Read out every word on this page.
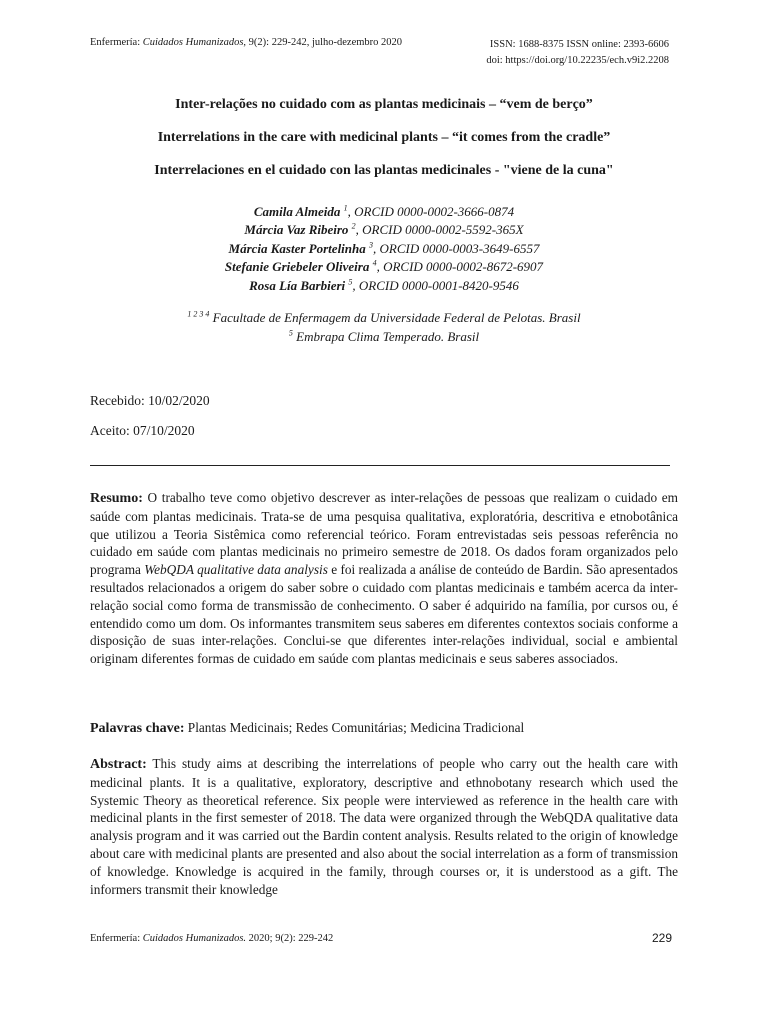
Enfermería: Cuidados Humanizados, 9(2): 229-242, julho-dezembro 2020	ISSN: 1688-8375 ISSN online: 2393-6606
doi: https://doi.org/10.22235/ech.v9i2.2208
Inter-relações no cuidado com as plantas medicinais – “vem de berço”
Interrelations in the care with medicinal plants – “it comes from the cradle”
Interrelaciones en el cuidado con las plantas medicinales - "viene de la cuna"
Camila Almeida $^1$, ORCID 0000-0002-3666-0874
Márcia Vaz Ribeiro $^2$, ORCID 0000-0002-5592-365X
Márcia Kaster Portelinha $^3$, ORCID 0000-0003-3649-6557
Stefanie Griebeler Oliveira $^4$, ORCID 0000-0002-8672-6907
Rosa Lía Barbieri $^5$, ORCID 0000-0001-8420-9546
$^{1 2 3 4}$ Facultade de Enfermagem da Universidade Federal de Pelotas. Brasil
$^5$ Embrapa Clima Temperado. Brasil
Recebido: 10/02/2020
Aceito: 07/10/2020
Resumo: O trabalho teve como objetivo descrever as inter-relações de pessoas que realizam o cuidado em saúde com plantas medicinais. Trata-se de uma pesquisa qualitativa, exploratória, descritiva e etnobotânica que utilizou a Teoria Sistêmica como referencial teórico. Foram entrevistadas seis pessoas referência no cuidado em saúde com plantas medicinais no primeiro semestre de 2018. Os dados foram organizados pelo programa WebQDA qualitative data analysis e foi realizada a análise de conteúdo de Bardin. São apresentados resultados relacionados a origem do saber sobre o cuidado com plantas medicinais e também acerca da inter-relação social como forma de transmissão de conhecimento. O saber é adquirido na família, por cursos ou, é entendido como um dom. Os informantes transmitem seus saberes em diferentes contextos sociais conforme a disposição de suas inter-relações. Conclui-se que diferentes inter-relações individual, social e ambiental originam diferentes formas de cuidado em saúde com plantas medicinais e seus saberes associados.
Palavras chave: Plantas Medicinais; Redes Comunitárias; Medicina Tradicional
Abstract: This study aims at describing the interrelations of people who carry out the health care with medicinal plants. It is a qualitative, exploratory, descriptive and ethnobotany research which used the Systemic Theory as theoretical reference. Six people were interviewed as reference in the health care with medicinal plants in the first semester of 2018. The data were organized through the WebQDA qualitative data analysis program and it was carried out the Bardin content analysis. Results related to the origin of knowledge about care with medicinal plants are presented and also about the social interrelation as a form of transmission of knowledge. Knowledge is acquired in the family, through courses or, it is understood as a gift. The informers transmit their knowledge
Enfermería: Cuidados Humanizados. 2020; 9(2): 229-242	229
